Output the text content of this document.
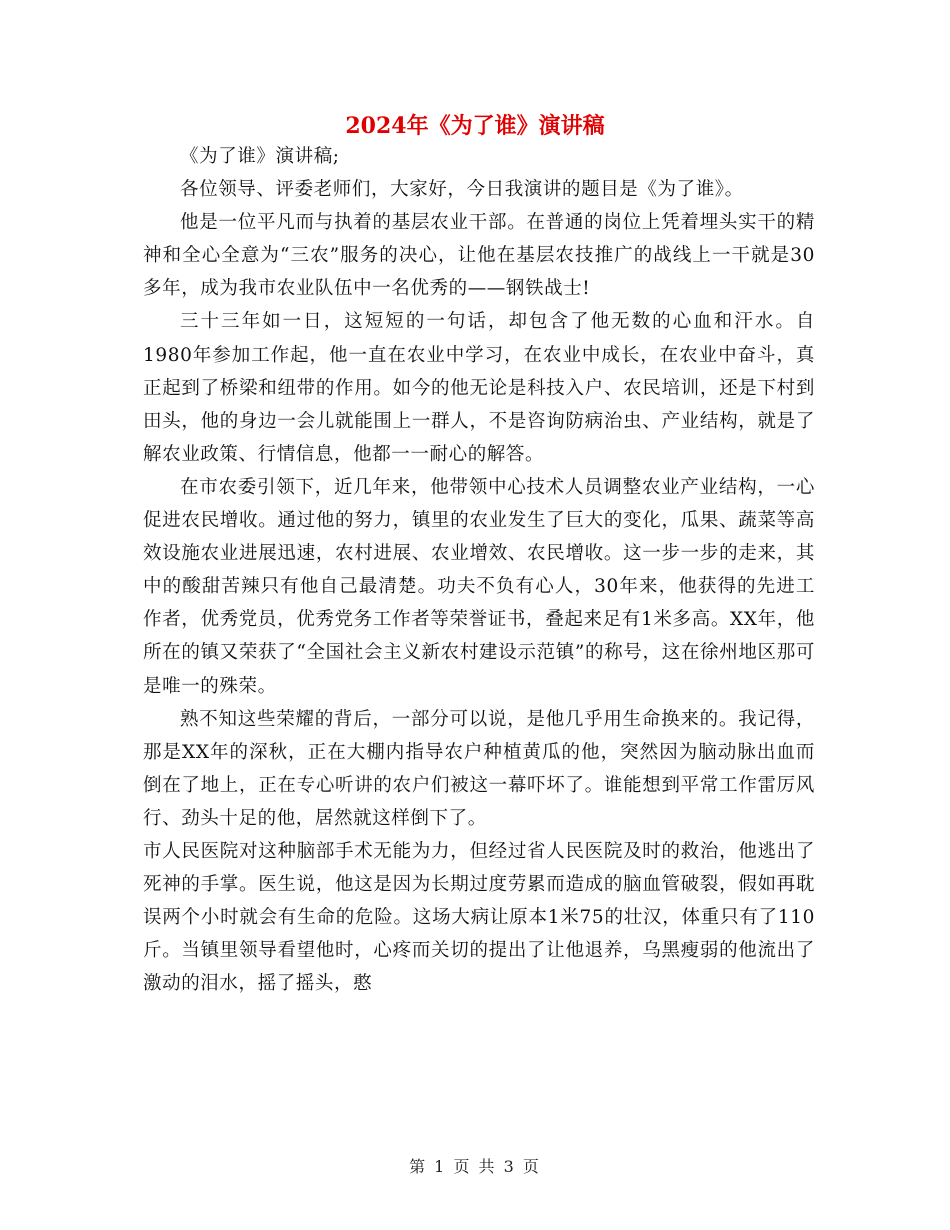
2024年《为了谁》演讲稿

《为了谁》演讲稿;

各位领导、评委老师们，大家好，今日我演讲的题目是《为了谁》。

他是一位平凡而与执着的基层农业干部。在普通的岗位上凭着埋头实干的精神和全心全意为“三农”服务的决心，让他在基层农技推广的战线上一干就是30多年，成为我市农业队伍中一名优秀的——钢铁战士!

三十三年如一日，这短短的一句话，却包含了他无数的心血和汗水。自1980年参加工作起，他一直在农业中学习，在农业中成长，在农业中奋斗，真正起到了桥梁和纽带的作用。如今的他无论是科技入户、农民培训，还是下村到田头，他的身边一会儿就能围上一群人，不是咨询防病治虫、产业结构，就是了解农业政策、行情信息，他都一一耐心的解答。

在市农委引领下，近几年来，他带领中心技术人员调整农业产业结构，一心促进农民增收。通过他的努力，镇里的农业发生了巨大的变化，瓜果、蔬菜等高效设施农业进展迅速，农村进展、农业增效、农民增收。这一步一步的走来，其中的酸甜苦辣只有他自己最清楚。功夫不负有心人，30年来，他获得的先进工作者，优秀党员，优秀党务工作者等荣誉证书，叠起来足有1米多高。XX年，他所在的镇又荣获了“全国社会主义新农村建设示范镇”的称号，这在徐州地区那可是唯一的殊荣。

熟不知这些荣耀的背后，一部分可以说，是他几乎用生命换来的。我记得，那是XX年的深秋，正在大棚内指导农户种植黄瓜的他，突然因为脑动脉出血而倒在了地上，正在专心听讲的农户们被这一幕吓坏了。谁能想到平常工作雷厉风行、劲头十足的他，居然就这样倒下了。

市人民医院对这种脑部手术无能为力，但经过省人民医院及时的救治，他逃出了死神的手掌。医生说，他这是因为长期过度劳累而造成的脑血管破裂，假如再耽误两个小时就会有生命的危险。这场大病让原本1米75的壮汉，体重只有了110斤。当镇里领导看望他时，心疼而关切的提出了让他退养，乌黑瘦弱的他流出了激动的泪水，摇了摇头，憨

第 1 页 共 3 页
